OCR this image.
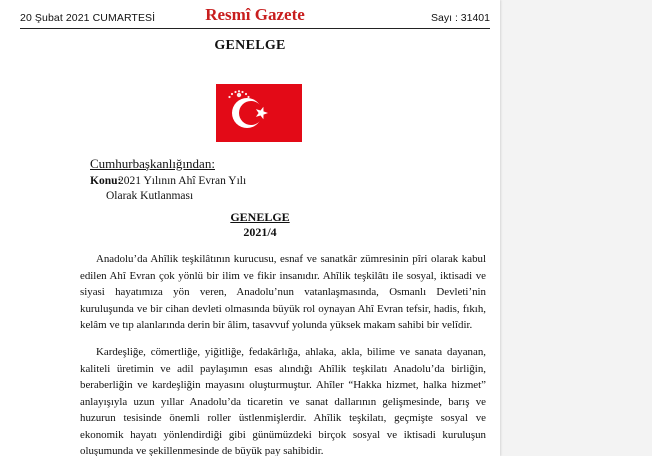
20 Şubat 2021 CUMARTESİ	Resmî Gazete	Sayı : 31401
GENELGE
Cumhurbaşkanlığından:
Konu:
2021 Yılının Ahî Evran Yılı
Olarak Kutlanması
GENELGE
2021/4

Anadolu’da Ahîlik teşkilâtının kurucusu, esnaf ve sanatkâr zümresinin pîri olarak kabul edilen Ahî Evran çok yönlü bir ilim ve fikir insanıdır. Ahîlik teşkilâtı ile sosyal, iktisadi ve siyasi hayatımıza yön veren, Anadolu’nun vatanlaşmasında, Osmanlı Devleti’nin kuruluşunda ve bir cihan devleti olmasında büyük rol oynayan Ahî Evran tefsir, hadis, fıkıh, kelâm ve tıp alanlarında derin bir âlim, tasavvuf yolunda yüksek makam sahibi bir velîdir.

Kardeşliğe, cömertliğe, yiğitliğe, fedakârlığa, ahlaka, akla, bilime ve sanata dayanan, kaliteli üretimin ve adil paylaşımın esas alındığı Ahîlik teşkilatı Anadolu’da birliğin, beraberliğin ve kardeşliğin mayasını oluşturmuştur. Ahîler “Hakka hizmet, halka hizmet” anlayışıyla uzun yıllar Anadolu’da ticaretin ve sanat dallarının gelişmesinde, barış ve huzurun tesisinde önemli roller üstlenmişlerdir. Ahîlik teşkilatı, geçmişte sosyal ve ekonomik hayatı yönlendirdiği gibi günümüzdeki birçok sosyal ve iktisadi kuruluşun oluşumunda ve şekillenmesinde de büyük pay sahibidir.
